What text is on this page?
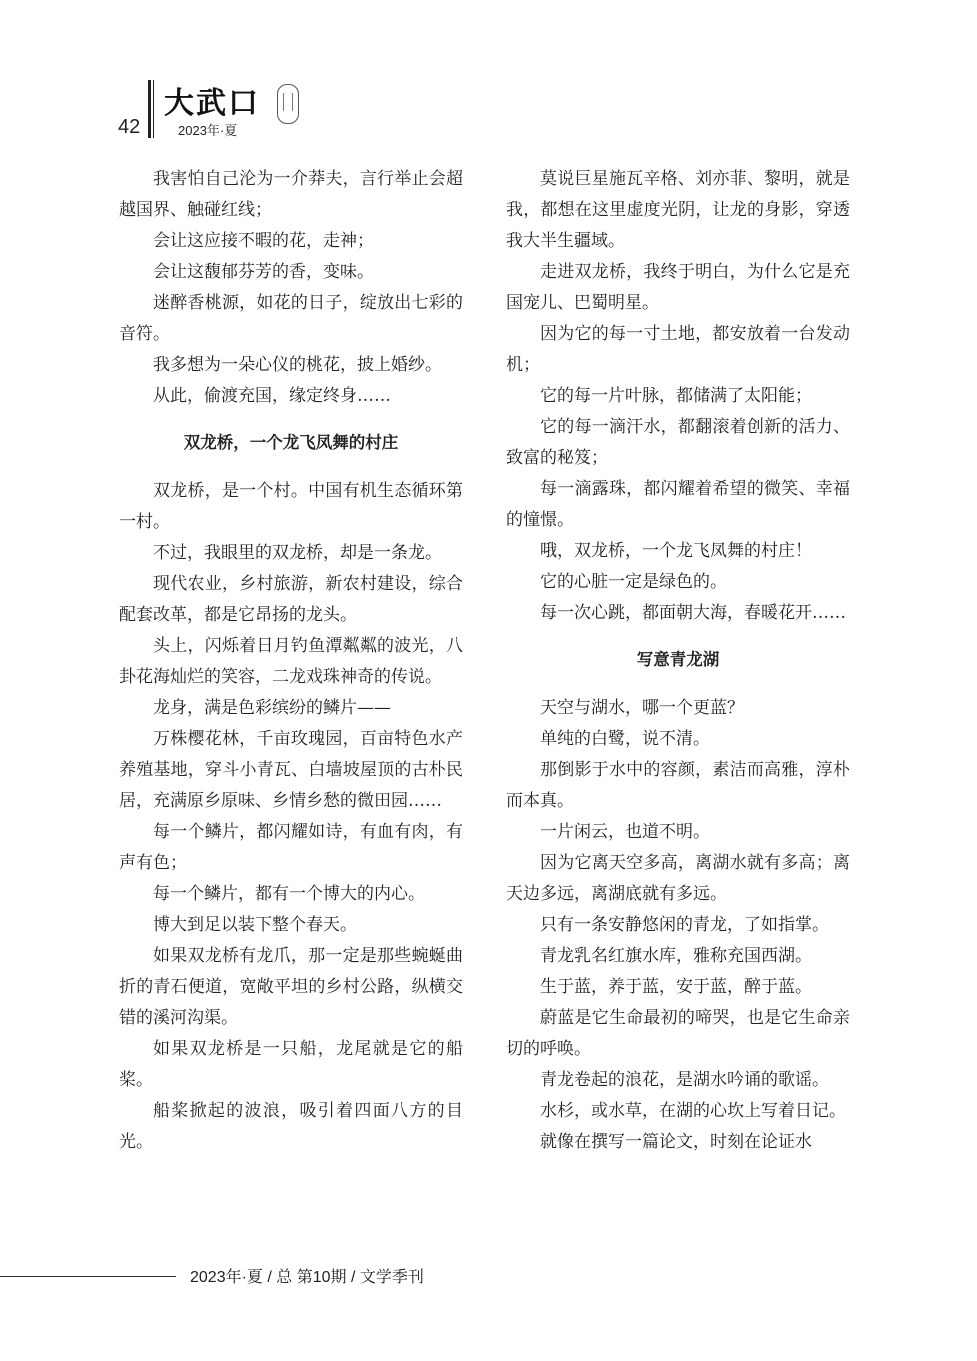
42
大武口
2023年·夏

我害怕自己沦为一介莽夫，言行举止会超越国界、触碰红线；

会让这应接不暇的花，走神；

会让这馥郁芬芳的香，变味。

迷醉香桃源，如花的日子，绽放出七彩的音符。

我多想为一朵心仪的桃花，披上婚纱。

从此，偷渡充国，缘定终身……

双龙桥，一个龙飞凤舞的村庄

双龙桥，是一个村。中国有机生态循环第一村。

不过，我眼里的双龙桥，却是一条龙。

现代农业，乡村旅游，新农村建设，综合配套改革，都是它昂扬的龙头。

头上，闪烁着日月钓鱼潭粼粼的波光，八卦花海灿烂的笑容，二龙戏珠神奇的传说。

龙身，满是色彩缤纷的鳞片——

万株樱花林，千亩玫瑰园，百亩特色水产养殖基地，穿斗小青瓦、白墙坡屋顶的古朴民居，充满原乡原味、乡情乡愁的微田园……

每一个鳞片，都闪耀如诗，有血有肉，有声有色；

每一个鳞片，都有一个博大的内心。

博大到足以装下整个春天。

如果双龙桥有龙爪，那一定是那些蜿蜒曲折的青石便道，宽敞平坦的乡村公路，纵横交错的溪河沟渠。

如果双龙桥是一只船，龙尾就是它的船桨。

船桨掀起的波浪，吸引着四面八方的目光。

莫说巨星施瓦辛格、刘亦菲、黎明，就是我，都想在这里虚度光阴，让龙的身影，穿透我大半生疆域。

走进双龙桥，我终于明白，为什么它是充国宠儿、巴蜀明星。

因为它的每一寸土地，都安放着一台发动机；

它的每一片叶脉，都储满了太阳能；

它的每一滴汗水，都翻滚着创新的活力、致富的秘笈；

每一滴露珠，都闪耀着希望的微笑、幸福的憧憬。

哦，双龙桥，一个龙飞凤舞的村庄！

它的心脏一定是绿色的。

每一次心跳，都面朝大海，春暖花开……

写意青龙湖

天空与湖水，哪一个更蓝？

单纯的白鹭，说不清。

那倒影于水中的容颜，素洁而高雅，淳朴而本真。

一片闲云，也道不明。

因为它离天空多高，离湖水就有多高；离天边多远，离湖底就有多远。

只有一条安静悠闲的青龙，了如指掌。

青龙乳名红旗水库，雅称充国西湖。

生于蓝，养于蓝，安于蓝，醉于蓝。

蔚蓝是它生命最初的啼哭，也是它生命亲切的呼唤。

青龙卷起的浪花，是湖水吟诵的歌谣。

水杉，或水草，在湖的心坎上写着日记。

就像在撰写一篇论文，时刻在论证水

2023年·夏 / 总 第10期 / 文学季刊
